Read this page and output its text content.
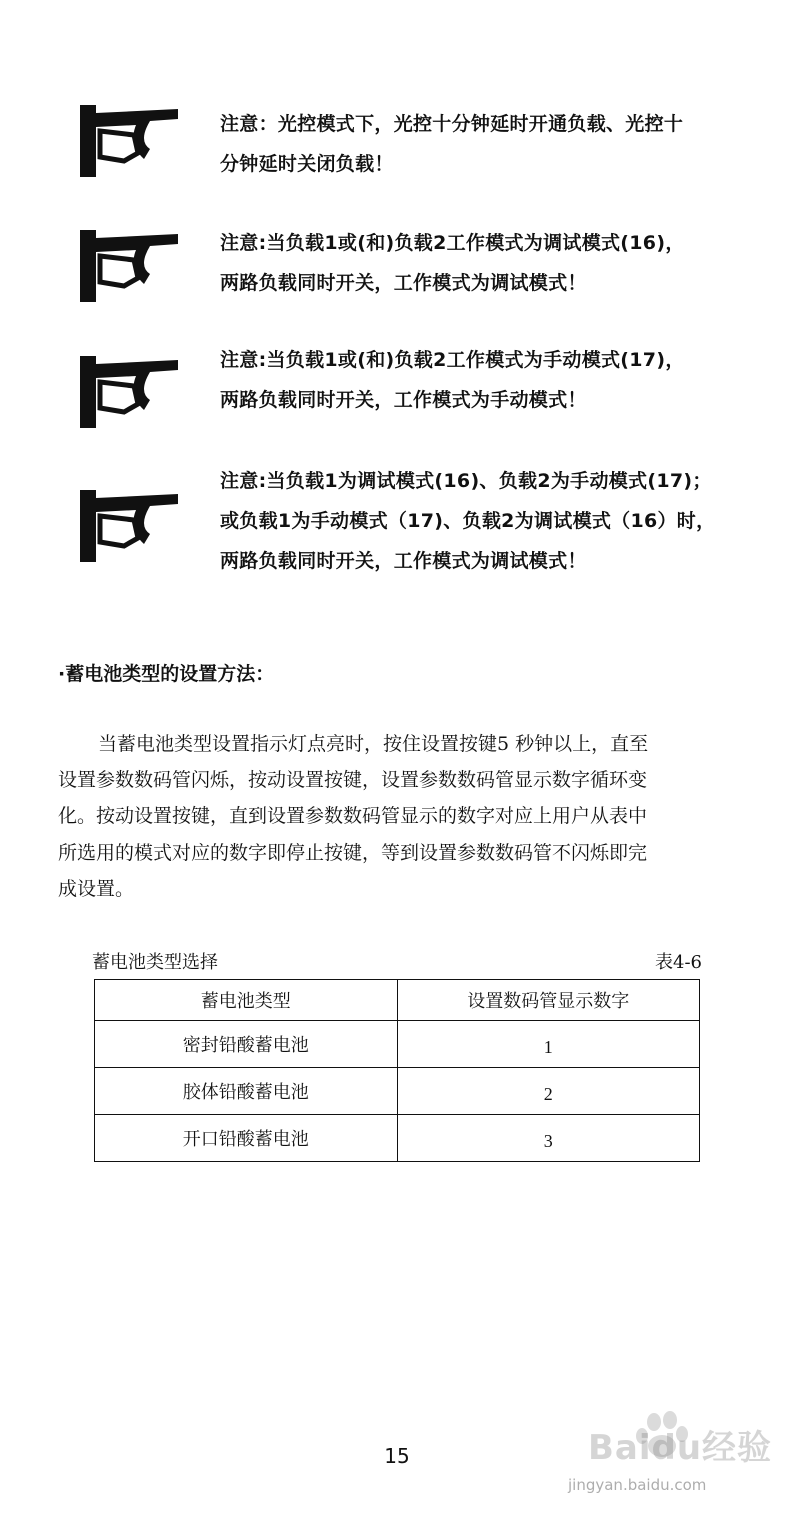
注意：光控模式下，光控十分钟延时开通负载、光控十
分钟延时关闭负载！
注意:当负载1或(和)负载2工作模式为调试模式(16)，
两路负载同时开关，工作模式为调试模式！
注意:当负载1或(和)负载2工作模式为手动模式(17)，
两路负载同时开关，工作模式为手动模式！
注意:当负载1为调试模式(16)、负载2为手动模式(17)；
或负载1为手动模式（17)、负载2为调试模式（16）时，
两路负载同时开关，工作模式为调试模式！
·蓄电池类型的设置方法：
当蓄电池类型设置指示灯点亮时，按住设置按键5 秒钟以上，直至
设置参数数码管闪烁，按动设置按键，设置参数数码管显示数字循环变
化。按动设置按键，直到设置参数数码管显示的数字对应上用户从表中
所选用的模式对应的数字即停止按键，等到设置参数数码管不闪烁即完
成设置。
蓄电池类型选择	表4-6
蓄电池类型	设置数码管显示数字
密封铅酸蓄电池	1
胶体铅酸蓄电池	2
开口铅酸蓄电池	3
15	Baidu经验
jingyan.baidu.com
